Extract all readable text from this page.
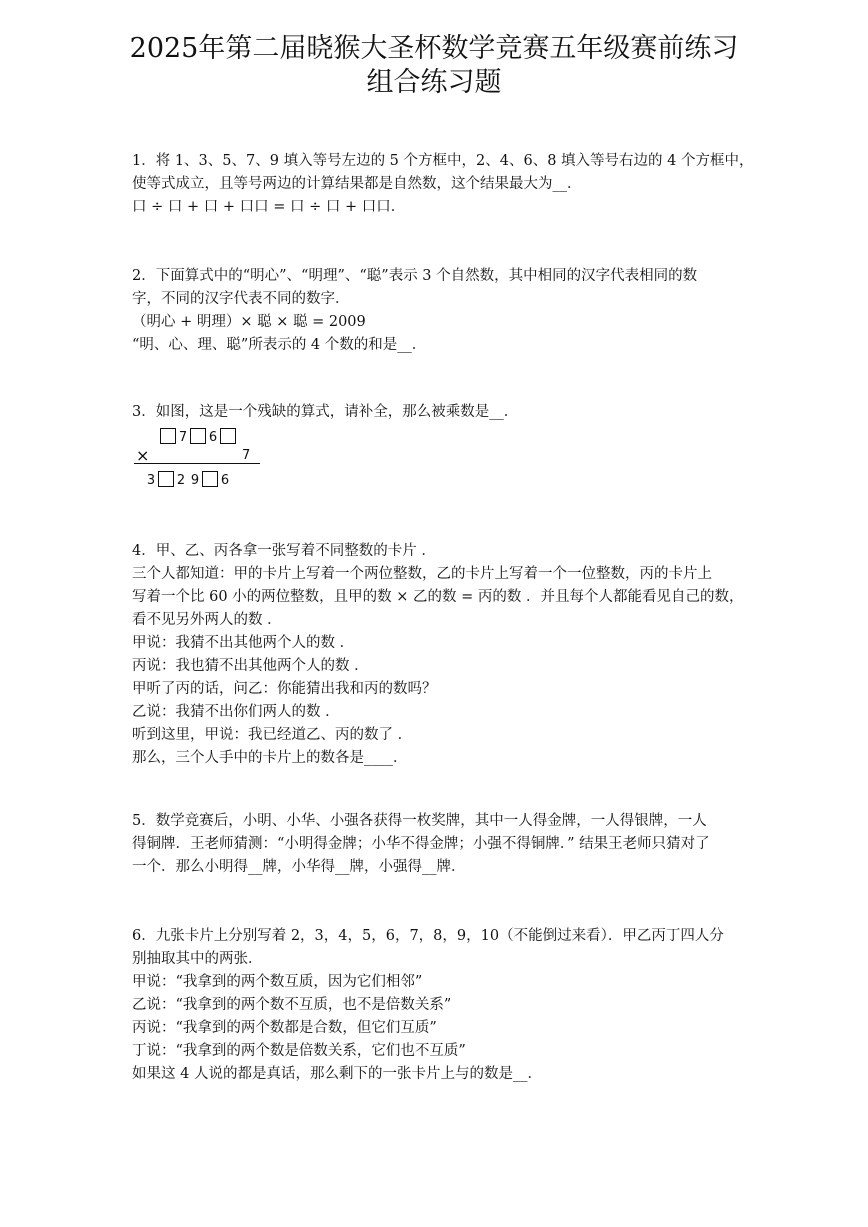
2025年第二届晓猴大圣杯数学竞赛五年级赛前练习
组合练习题

1．将 1、3、5、7、9 填入等号左边的 5 个方框中，2、4、6、8 填入等号右边的 4 个方框中，

使等式成立，且等号两边的计算结果都是自然数，这个结果最大为__．

口 ÷ 口 + 口 + 口口 = 口 ÷ 口 + 口口．

2．下面算式中的“明心”、“明理”、“聪”表示 3 个自然数，其中相同的汉字代表相同的数

字，不同的汉字代表不同的数字．

（明心 + 明理）× 聪 × 聪 = 2009

“明、心、理、聪”所表示的 4 个数的和是__．

3．如图，这是一个残缺的算式，请补全，那么被乘数是__．

7 6
×	7
3 2 9 6

4．甲、乙、丙各拿一张写着不同整数的卡片 ．

三个人都知道：甲的卡片上写着一个两位整数，乙的卡片上写着一个一位整数，丙的卡片上

写着一个比 60 小的两位整数，且甲的数 × 乙的数 = 丙的数 ．并且每个人都能看见自己的数，

看不见另外两人的数 ．

甲说：我猜不出其他两个人的数 ．

丙说：我也猜不出其他两个人的数 ．

甲听了丙的话，问乙：你能猜出我和丙的数吗？

乙说：我猜不出你们两人的数 ．

听到这里，甲说：我已经道乙、丙的数了 ．

那么，三个人手中的卡片上的数各是____．

5．数学竞赛后，小明、小华、小强各获得一枚奖牌，其中一人得金牌，一人得银牌，一人

得铜牌．王老师猜测：“小明得金牌；小华不得金牌；小强不得铜牌．” 结果王老师只猜对了

一个．那么小明得__牌，小华得__牌，小强得__牌．

6．九张卡片上分别写着 2，3，4，5，6，7，8，9，10（不能倒过来看）．甲乙丙丁四人分

别抽取其中的两张．

甲说：“我拿到的两个数互质，因为它们相邻”

乙说：“我拿到的两个数不互质，也不是倍数关系”

丙说：“我拿到的两个数都是合数，但它们互质”

丁说：“我拿到的两个数是倍数关系，它们也不互质”

如果这 4 人说的都是真话，那么剩下的一张卡片上与的数是__．
